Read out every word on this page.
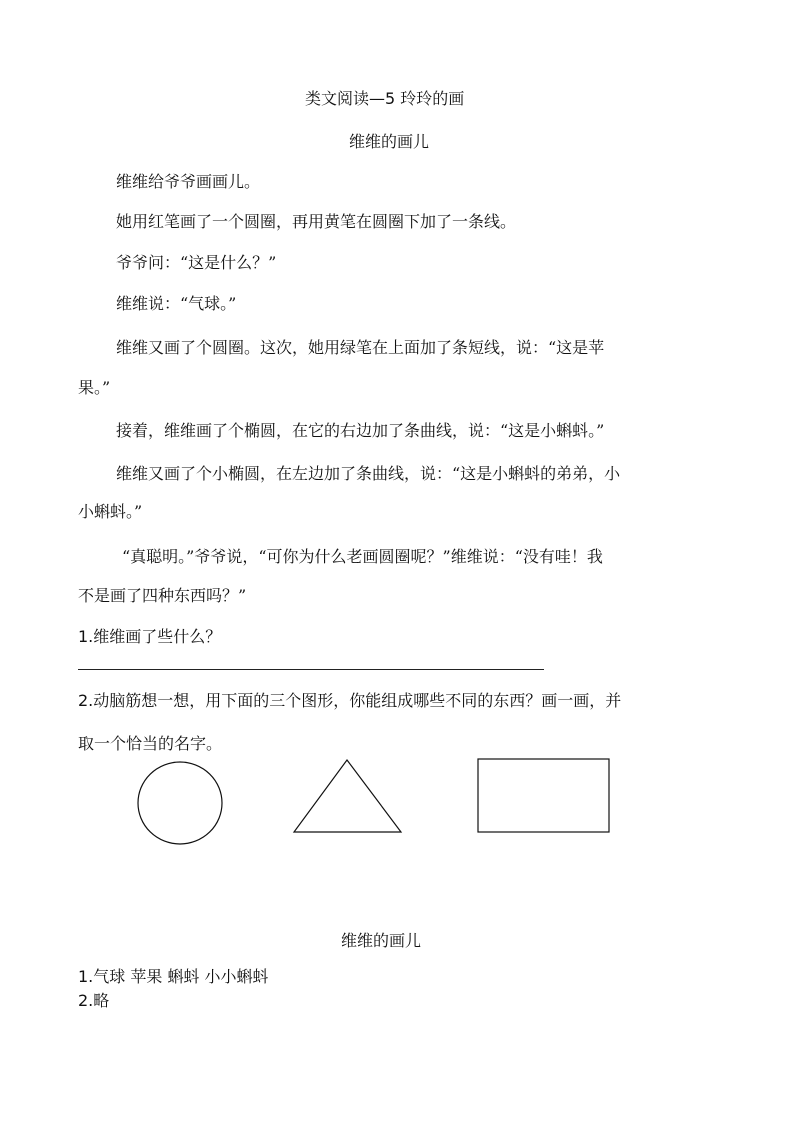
类文阅读—5 玲玲的画
维维的画儿
维维给爷爷画画儿。
她用红笔画了一个圆圈，再用黄笔在圆圈下加了一条线。
爷爷问：“这是什么？”
维维说：“气球。”
维维又画了个圆圈。这次，她用绿笔在上面加了条短线，说：“这是苹
果。”
接着，维维画了个椭圆，在它的右边加了条曲线，说：“这是小蝌蚪。”
维维又画了个小椭圆，在左边加了条曲线，说：“这是小蝌蚪的弟弟，小
小蝌蚪。”
“真聪明。”爷爷说，“可你为什么老画圆圈呢？”维维说：“没有哇！我
不是画了四种东西吗？”
1.维维画了些什么？
2.动脑筋想一想，用下面的三个图形，你能组成哪些不同的东西？画一画，并
取一个恰当的名字。
维维的画儿
1.气球 苹果 蝌蚪 小小蝌蚪
2.略
